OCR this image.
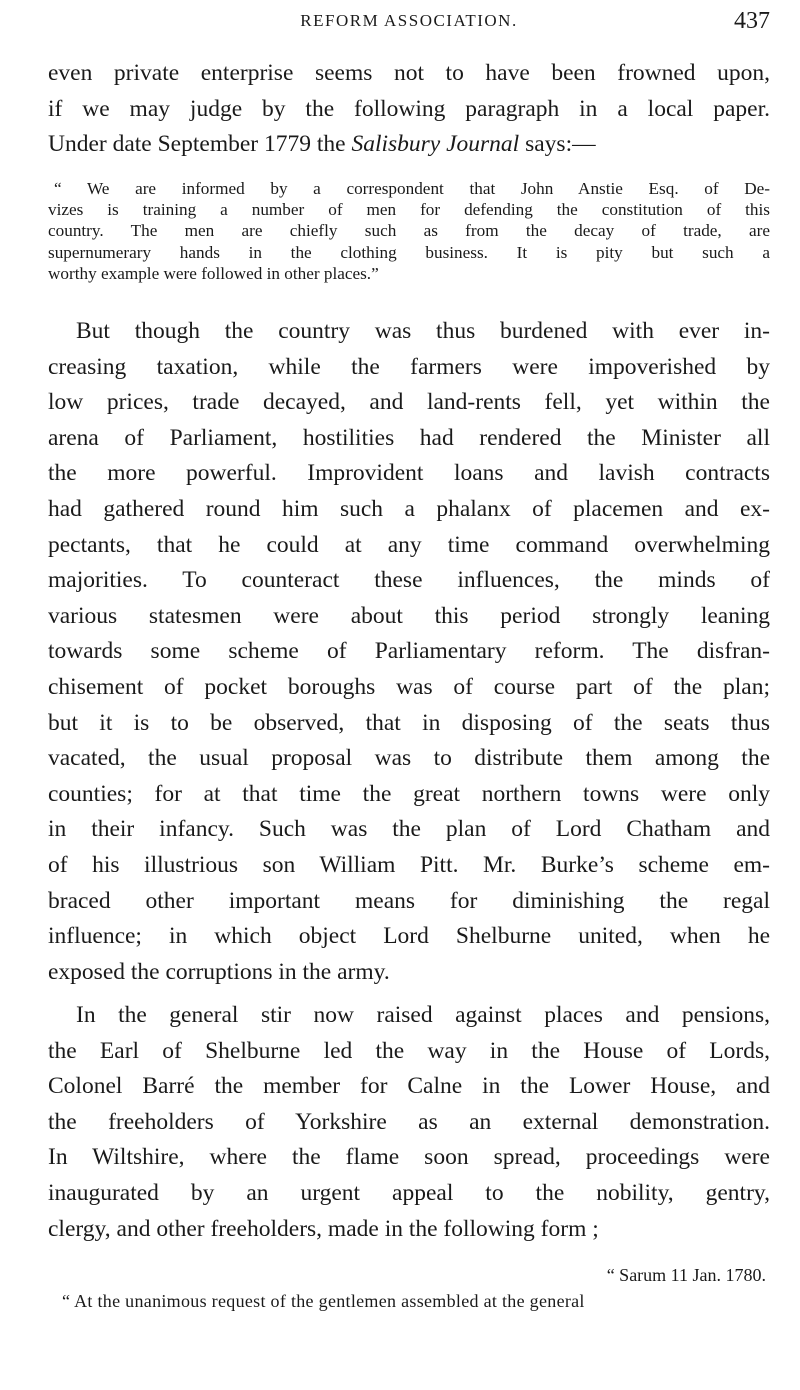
REFORM ASSOCIATION.	437
even private enterprise seems not to have been frowned upon,
if we may judge by the following paragraph in a local paper.
Under date September 1779 the Salisbury Journal says:—
“ We are informed by a correspondent that John Anstie Esq. of De-
vizes is training a number of men for defending the constitution of this
country. The men are chiefly such as from the decay of trade, are
supernumerary hands in the clothing business. It is pity but such a
worthy example were followed in other places.”
But though the country was thus burdened with ever in-
creasing taxation, while the farmers were impoverished by
low prices, trade decayed, and land-rents fell, yet within the
arena of Parliament, hostilities had rendered the Minister all
the more powerful. Improvident loans and lavish contracts
had gathered round him such a phalanx of placemen and ex-
pectants, that he could at any time command overwhelming
majorities. To counteract these influences, the minds of
various statesmen were about this period strongly leaning
towards some scheme of Parliamentary reform. The disfran-
chisement of pocket boroughs was of course part of the plan;
but it is to be observed, that in disposing of the seats thus
vacated, the usual proposal was to distribute them among the
counties; for at that time the great northern towns were only
in their infancy. Such was the plan of Lord Chatham and
of his illustrious son William Pitt. Mr. Burke’s scheme em-
braced other important means for diminishing the regal
influence; in which object Lord Shelburne united, when he
exposed the corruptions in the army.
In the general stir now raised against places and pensions,
the Earl of Shelburne led the way in the House of Lords,
Colonel Barré the member for Calne in the Lower House, and
the freeholders of Yorkshire as an external demonstration.
In Wiltshire, where the flame soon spread, proceedings were
inaugurated by an urgent appeal to the nobility, gentry,
clergy, and other freeholders, made in the following form ;
“ Sarum 11 Jan. 1780.
“ At the unanimous request of the gentlemen assembled at the general
